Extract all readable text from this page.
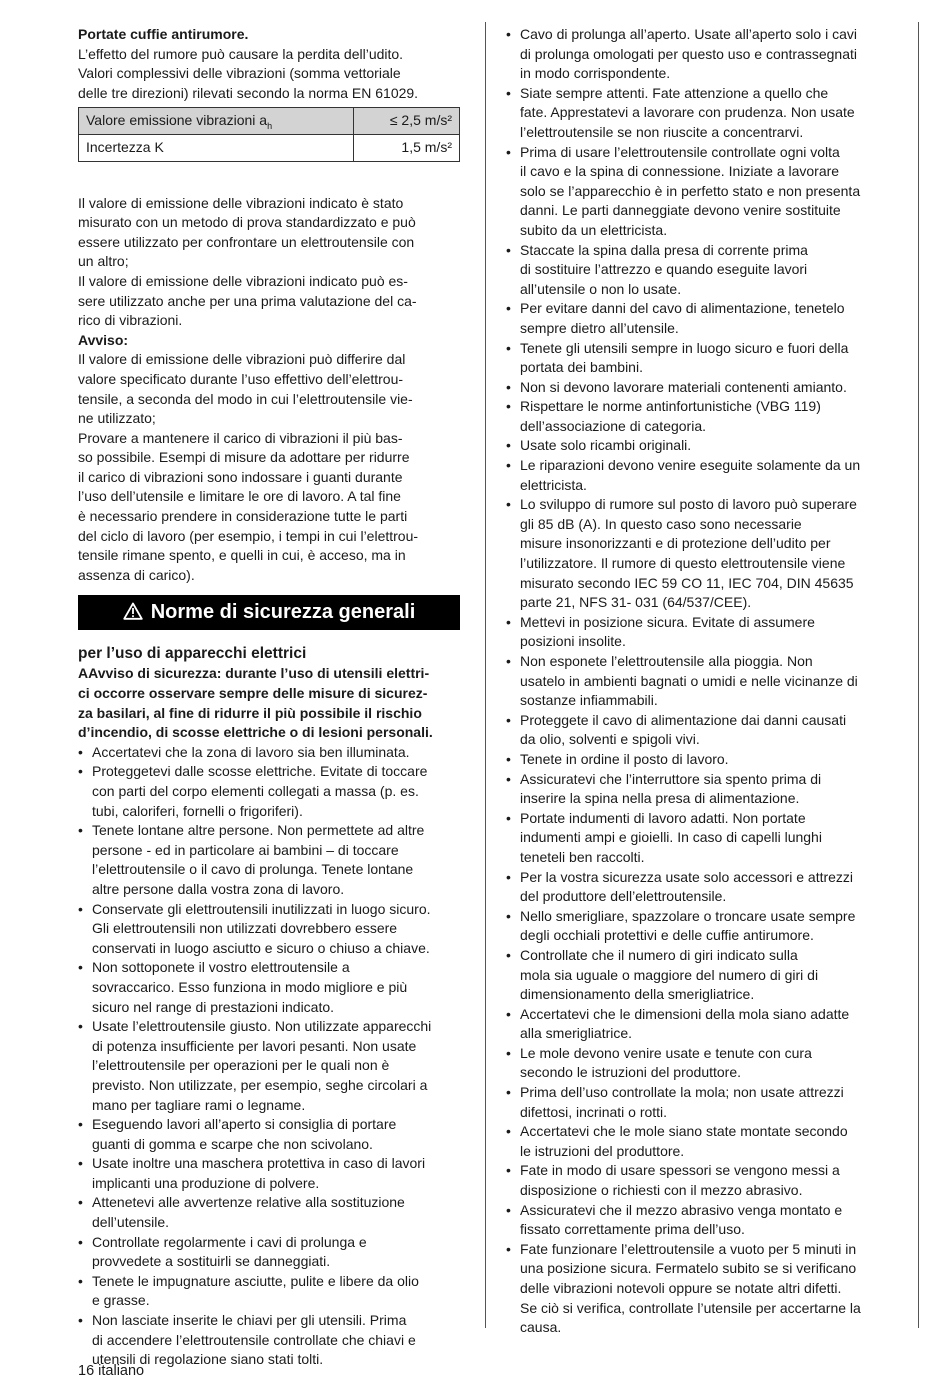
Portate cuffie antirumore.

L’effetto del rumore può causare la perdita dell’udito.

Valori complessivi delle vibrazioni (somma vettoriale

delle tre direzioni) rilevati secondo la norma EN 61029.

Valore emissione vibrazioni $a_h$	≤ 2,5 m/s²
Incertezza K	1,5 m/s²

Il valore di emissione delle vibrazioni indicato è stato

misurato con un metodo di prova standardizzato e può

essere utilizzato per confrontare un elettroutensile con

un altro;

Il valore di emissione delle vibrazioni indicato può es-

sere utilizzato anche per una prima valutazione del ca-

rico di vibrazioni.

Avviso:

Il valore di emissione delle vibrazioni può differire dal

valore specificato durante l’uso effettivo dell’elettrou-

tensile, a seconda del modo in cui l’elettroutensile vie-

ne utilizzato;

Provare a mantenere il carico di vibrazioni il più bas-

so possibile. Esempi di misure da adottare per ridurre

il carico di vibrazioni sono indossare i guanti durante

l’uso dell’utensile e limitare le ore di lavoro. A tal fine

è necessario prendere in considerazione tutte le parti

del ciclo di lavoro (per esempio, i tempi in cui l’elettrou-

tensile rimane spento, e quelli in cui, è acceso, ma in

assenza di carico).

Norme di sicurezza generali

per l’uso di apparecchi elettrici

AAvviso di sicurezza: durante l’uso di utensili elettri-

ci occorre osservare sempre delle misure di sicurez-

za basilari, al fine di ridurre il più possibile il rischio

d’incendio, di scosse elettriche o di lesioni personali.

• Accertatevi che la zona di lavoro sia ben illuminata.
• Proteggetevi dalle scosse elettriche. Evitate di toccare
con parti del corpo elementi collegati a massa (p. es.
tubi, caloriferi, fornelli o frigoriferi).
• Tenete lontane altre persone. Non permettete ad altre
persone - ed in particolare ai bambini – di toccare
l’elettroutensile o il cavo di prolunga. Tenete lontane
altre persone dalla vostra zona di lavoro.
• Conservate gli elettroutensili inutilizzati in luogo sicuro.
Gli elettroutensili non utilizzati dovrebbero essere
conservati in luogo asciutto e sicuro o chiuso a chiave.
• Non sottoponete il vostro elettroutensile a
sovraccarico. Esso funziona in modo migliore e più
sicuro nel range di prestazioni indicato.
• Usate l’elettroutensile giusto. Non utilizzate apparecchi
di potenza insufficiente per lavori pesanti. Non usate
l’elettroutensile per operazioni per le quali non è
previsto. Non utilizzate, per esempio, seghe circolari a
mano per tagliare rami o legname.
• Eseguendo lavori all’aperto si consiglia di portare
guanti di gomma e scarpe che non scivolano.
• Usate inoltre una maschera protettiva in caso di lavori
implicanti una produzione di polvere.
• Attenetevi alle avvertenze relative alla sostituzione
dell’utensile.
• Controllate regolarmente i cavi di prolunga e
provvedete a sostituirli se danneggiati.
• Tenete le impugnature asciutte, pulite e libere da olio
e grasse.
• Non lasciate inserite le chiavi per gli utensili. Prima
di accendere l’elettroutensile controllate che chiavi e
utensili di regolazione siano stati tolti.
• Cavo di prolunga all’aperto. Usate all’aperto solo i cavi
di prolunga omologati per questo uso e contrassegnati
in modo corrispondente.
• Siate sempre attenti. Fate attenzione a quello che
fate. Apprestatevi a lavorare con prudenza. Non usate
l’elettroutensile se non riuscite a concentrarvi.
• Prima di usare l’elettroutensile controllate ogni volta
il cavo e la spina di connessione. Iniziate a lavorare
solo se l’apparecchio è in perfetto stato e non presenta
danni. Le parti danneggiate devono venire sostituite
subito da un elettricista.
• Staccate la spina dalla presa di corrente prima
di sostituire l’attrezzo e quando eseguite lavori
all’utensile o non lo usate.
• Per evitare danni del cavo di alimentazione, tenetelo
sempre dietro all’utensile.
• Tenete gli utensili sempre in luogo sicuro e fuori della
portata dei bambini.
• Non si devono lavorare materiali contenenti amianto.
• Rispettare le norme antinfortunistiche (VBG 119)
dell’associazione di categoria.
• Usate solo ricambi originali.
• Le riparazioni devono venire eseguite solamente da un
elettricista.
• Lo sviluppo di rumore sul posto di lavoro può superare
gli 85 dB (A). In questo caso sono necessarie
misure insonorizzanti e di protezione dell’udito per
l’utilizzatore. Il rumore di questo elettroutensile viene
misurato secondo IEC 59 CO 11, IEC 704, DIN 45635
parte 21, NFS 31- 031 (64/537/CEE).
• Mettevi in posizione sicura. Evitate di assumere
posizioni insolite.
• Non esponete l’elettroutensile alla pioggia. Non
usatelo in ambienti bagnati o umidi e nelle vicinanze di
sostanze infiammabili.
• Proteggete il cavo di alimentazione dai danni causati
da olio, solventi e spigoli vivi.
• Tenete in ordine il posto di lavoro.
• Assicuratevi che l’interruttore sia spento prima di
inserire la spina nella presa di alimentazione.
• Portate indumenti di lavoro adatti. Non portate
indumenti ampi e gioielli. In caso di capelli lunghi
teneteli ben raccolti.
• Per la vostra sicurezza usate solo accessori e attrezzi
del produttore dell’elettroutensile.
• Nello smerigliare, spazzolare o troncare usate sempre
degli occhiali protettivi e delle cuffie antirumore.
• Controllate che il numero di giri indicato sulla
mola sia uguale o maggiore del numero di giri di
dimensionamento della smerigliatrice.
• Accertatevi che le dimensioni della mola siano adatte
alla smerigliatrice.
• Le mole devono venire usate e tenute con cura
secondo le istruzioni del produttore.
• Prima dell’uso controllate la mola; non usate attrezzi
difettosi, incrinati o rotti.
• Accertatevi che le mole siano state montate secondo
le istruzioni del produttore.
• Fate in modo di usare spessori se vengono messi a
disposizione o richiesti con il mezzo abrasivo.
• Assicuratevi che il mezzo abrasivo venga montato e
fissato correttamente prima dell’uso.
• Fate funzionare l’elettroutensile a vuoto per 5 minuti in
una posizione sicura. Fermatelo subito se si verificano
delle vibrazioni notevoli oppure se notate altri difetti.
Se ciò si verifica, controllate l’utensile per accertarne la
causa.
16 italiano
